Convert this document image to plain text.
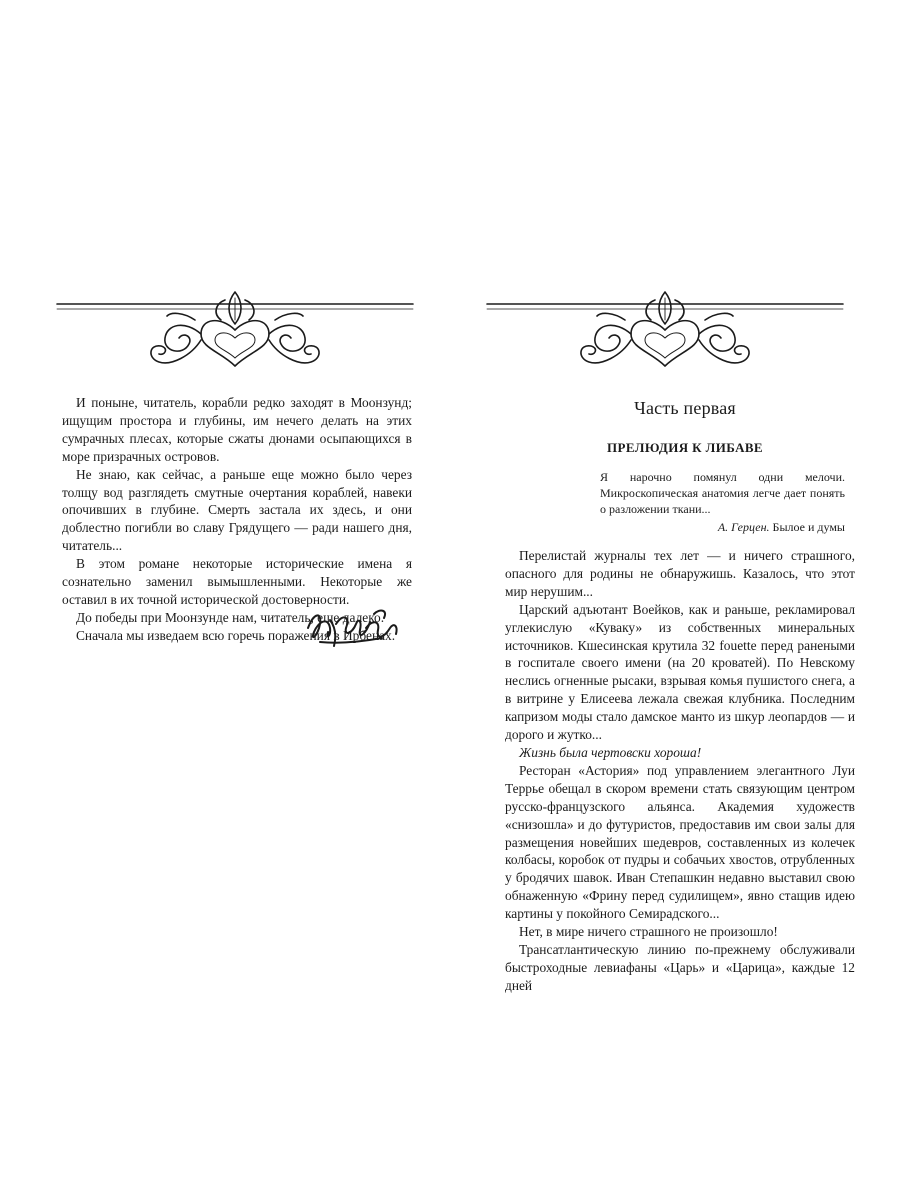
И поныне, читатель, корабли редко заходят в Моонзунд; ищущим простора и глубины, им нечего делать на этих сумрачных плесах, которые сжаты дюнами осыпающихся в море призрачных островов.

Не знаю, как сейчас, а раньше еще можно было через толщу вод разглядеть смутные очертания кораблей, навеки опочивших в глубине. Смерть застала их здесь, и они доблестно погибли во славу Грядущего — ради нашего дня, читатель...

В этом романе некоторые исторические имена я сознательно заменил вымышленными. Некоторые же оставил в их точной исторической достоверности.

До победы при Моонзунде нам, читатель, еще далеко.

Сначала мы изведаем всю горечь поражения в Ирбенах.

Часть первая
ПРЕЛЮДИЯ К ЛИБАВЕ

Я нарочно помянул одни мелочи. Микроскопическая анатомия легче дает понять о разложении ткани...

А. Герцен. Былое и думы

Перелистай журналы тех лет — и ничего страшного, опасного для родины не обнаружишь. Казалось, что этот мир нерушим...

Царский адъютант Воейков, как и раньше, рекламировал углекислую «Куваку» из собственных минеральных источников. Кшесинская крутила 32 fouette перед ранеными в госпитале своего имени (на 20 кроватей). По Невскому неслись огненные рысаки, взрывая комья пушистого снега, а в витрине у Елисеева лежала свежая клубника. Последним капризом моды стало дамское манто из шкур леопардов — и дорого и жутко...

Жизнь была чертовски хороша!

Ресторан «Астория» под управлением элегантного Луи Террье обещал в скором времени стать связующим центром русско-французского альянса. Академия художеств «снизошла» и до футуристов, предоставив им свои залы для размещения новейших шедевров, составленных из колечек колбасы, коробок от пудры и собачьих хвостов, отрубленных у бродячих шавок. Иван Степашкин недавно выставил свою обнаженную «Фрину перед судилищем», явно стащив идею картины у покойного Семирадского...

Нет, в мире ничего страшного не произошло!

Трансатлантическую линию по-прежнему обслуживали быстроходные левиафаны «Царь» и «Царица», каждые 12 дней
